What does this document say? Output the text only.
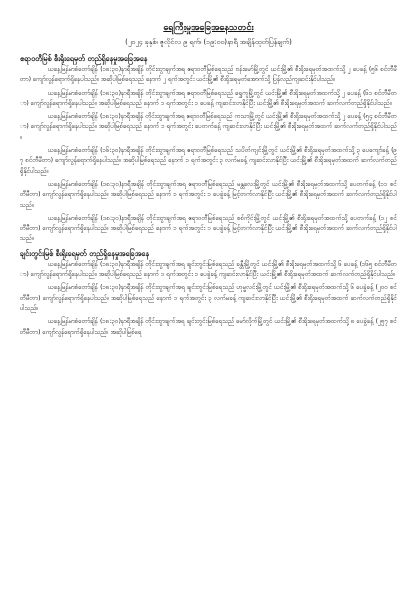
ရေကြီးမှုအခြေအနေသတင်း
(၂၀၂၄ ခုနှစ်၊ ဇူလိုင်လ ၉ ရက်၊ (၁၉:၀၀)နာရီ အချိန်ထုတ်ပြန်ချက်)
ဧရာဝတီမြစ် စီးရိုးရေမှတ် တည်ရှိနေမှုအခြေအနေ

ယနေ့မြန်မာစံတော်ချိန် (၁၈:၃၀)နာရီအချိန် တိုင်းထွာချက်အရ ဧရာဝတီမြစ်ရေသည် ဗန်းမော်မြို့တွင် ယင်းမြို့၏ စီးရိုးရေမှတ်အထက်သို့ ၂ ပေခန့် (၅၆ စင်တီမီတာ) ကျော်လွန်ရောက်ရှိနေပါသည်။ အဆိုပါမြစ်ရေသည် နောက် ၂ ရက်အတွင်း ယင်းမြို့၏ စီးရိုးရေမှတ်အောက်သို့ ပြန်လည်ကျဆင်းနိုင်ပါသည်။

ယနေ့မြန်မာစံတော်ချိန် (၁၈:၃၀)နာရီအချိန် တိုင်းထွာချက်အရ ဧရာဝတီမြစ်ရေသည် ရွှေကူမြို့တွင် ယင်းမြို့၏ စီးရိုးရေမှတ်အထက်သို့ ၂ ပေခန့် (၆၁ စင်တီမီတာ) ကျော်လွန်ရောက်ရှိနေပါသည်။ အဆိုပါမြစ်ရေသည် နောက် ၁ ရက်အတွင်း ၁ ပေခန့် ကျဆင်းလာနိုင်ပြီး ယင်းမြို့၏ စီးရိုးရေမှတ်အထက် ဆက်လက်တည်ရှိနိုင်ပါသည်။

ယနေ့မြန်မာစံတော်ချိန် (၁၈:၃၀)နာရီအချိန် တိုင်းထွာချက်အရ ဧရာဝတီမြစ်ရေသည် ကသာမြို့တွင် ယင်းမြို့၏ စီးရိုးရေမှတ်အထက်သို့ ၂ ပေခန့် (၅၄ စင်တီမီတာ) ကျော်လွန်ရောက်ရှိနေပါသည်။ အဆိုပါမြစ်ရေသည် နောက် ၁ ရက်အတွင်း ပေတက်ခန့် ကျဆင်းလာနိုင်ပြီး ယင်းမြို့၏ စီးရိုးရေမှတ်အထက် ဆက်လက်တည်ရှိနိုင်ပါသည်။

ယနေ့မြန်မာစံတော်ချိန် (၁၆:၃၀)နာရီအချိန် တိုင်းထွာချက်အရ ဧရာဝတီမြစ်ရေသည် သပိတ်ကျင်းမြို့တွင် ယင်းမြို့၏ စီးရိုးရေမှတ်အထက်သို့ ၃ ပေကျော်ခန့် (၉၇ စင်တီမီတာ) ကျော်လွန်ရောက်ရှိနေပါသည်။ အဆိုပါမြစ်ရေသည် နောက် ၁ ရက်အတွင်း ၃ လက်မခန့် ကျဆင်းလာနိုင်ပြီး ယင်းမြို့၏ စီးရိုးရေမှတ်အထက် ဆက်လက်တည်ရှိနိုင်ပါသည်။

ယနေ့မြန်မာစံတော်ချိန် (၁၈:၃၀)နာရီအချိန် တိုင်းထွာချက်အရ ဧရာဝတီမြစ်ရေသည် မန္တလေးမြို့တွင် ယင်းမြို့၏ စီးရိုးရေမှတ်အထက်သို့ ပေတက်ခန့် (၁၁ စင်တီမီတာ) ကျော်လွန်ရောက်ရှိနေပါသည်။ အဆိုပါမြစ်ရေသည် နောက် ၁ ရက်အတွင်း ၁ ပေခွဲခန့် မြင့်တက်လာနိုင်ပြီး ယင်းမြို့၏ စီးရိုးရေမှတ်အထက် ဆက်လက်တည်ရှိနိုင်ပါသည်။

ယနေ့မြန်မာစံတော်ချိန် (၁၈:၃၀)နာရီအချိန် တိုင်းထွာချက်အရ ဧရာဝတီမြစ်ရေသည် စစ်ကိုင်းမြို့တွင် ယင်းမြို့၏ စီးရိုးရေမှတ်အထက်သို့ ပေတက်ခန့် (၁၂ စင်တီမီတာ) ကျော်လွန်ရောက်ရှိနေပါသည်။ အဆိုပါမြစ်ရေသည် နောက် ၁ ရက်အတွင်း ၁ ပေခွဲခန့် မြင့်တက်လာနိုင်ပြီး ယင်းမြို့၏ စီးရိုးရေမှတ်အထက် ဆက်လက်တည်ရှိနိုင်ပါသည်။

ချင်းတွင်းမြစ် စီးရိုးရေမှတ် တည်ရှိနေမှုအခြေအနေ

ယနေ့မြန်မာစံတော်ချိန် (၁၈:၃၀)နာရီအချိန် တိုင်းထွာချက်အရ ချင်းတွင်းမြစ်ရေသည် ခန္တီးမြို့တွင် ယင်းမြို့၏ စီးရိုးရေမှတ်အထက်သို့ ၆ ပေခန့် (၁၆၅ စင်တီမီတာ) ကျော်လွန်ရောက်ရှိနေပါသည်။ အဆိုပါမြစ်ရေသည် နောက် ၁ ရက်အတွင်း ၁ ပေခွဲခန့် ကျဆင်းလာနိုင်ပြီး ယင်းမြို့၏ စီးရိုးရေမှတ်အထက် ဆက်လက်တည်ရှိနိုင်ပါသည်။

ယနေ့မြန်မာစံတော်ချိန် (၁၈:၃၀)နာရီအချိန် တိုင်းထွာချက်အရ ချင်းတွင်းမြစ်ရေသည် ဟုမ္မလင်းမြို့တွင် ယင်းမြို့၏ စီးရိုးရေမှတ်အထက်သို့ ၆ ပေခွဲခန့် (၂၀၀ စင်တီမီတာ) ကျော်လွန်ရောက်ရှိနေပါသည်။ အဆိုပါမြစ်ရေသည် နောက် ၁ ရက်အတွင်း ၃ လက်မခန့် ကျဆင်းလာနိုင်ပြီး ယင်းမြို့၏ စီးရိုးရေမှတ်အထက် ဆက်လက်တည်ရှိနိုင်ပါသည်။

ယနေ့မြန်မာစံတော်ချိန် (၁၈:၃၀)နာရီအချိန် တိုင်းထွာချက်အရ ချင်းတွင်းမြစ်ရေသည် မော်လိုက်မြို့တွင် ယင်းမြို့၏ စီးရိုးရေမှတ်အထက်သို့ ၈ ပေခွဲခန့် (၂၅၇ စင်တီမီတာ) ကျော်လွန်ရောက်ရှိနေပါသည်။ အဆိုပါမြစ်ရေ
